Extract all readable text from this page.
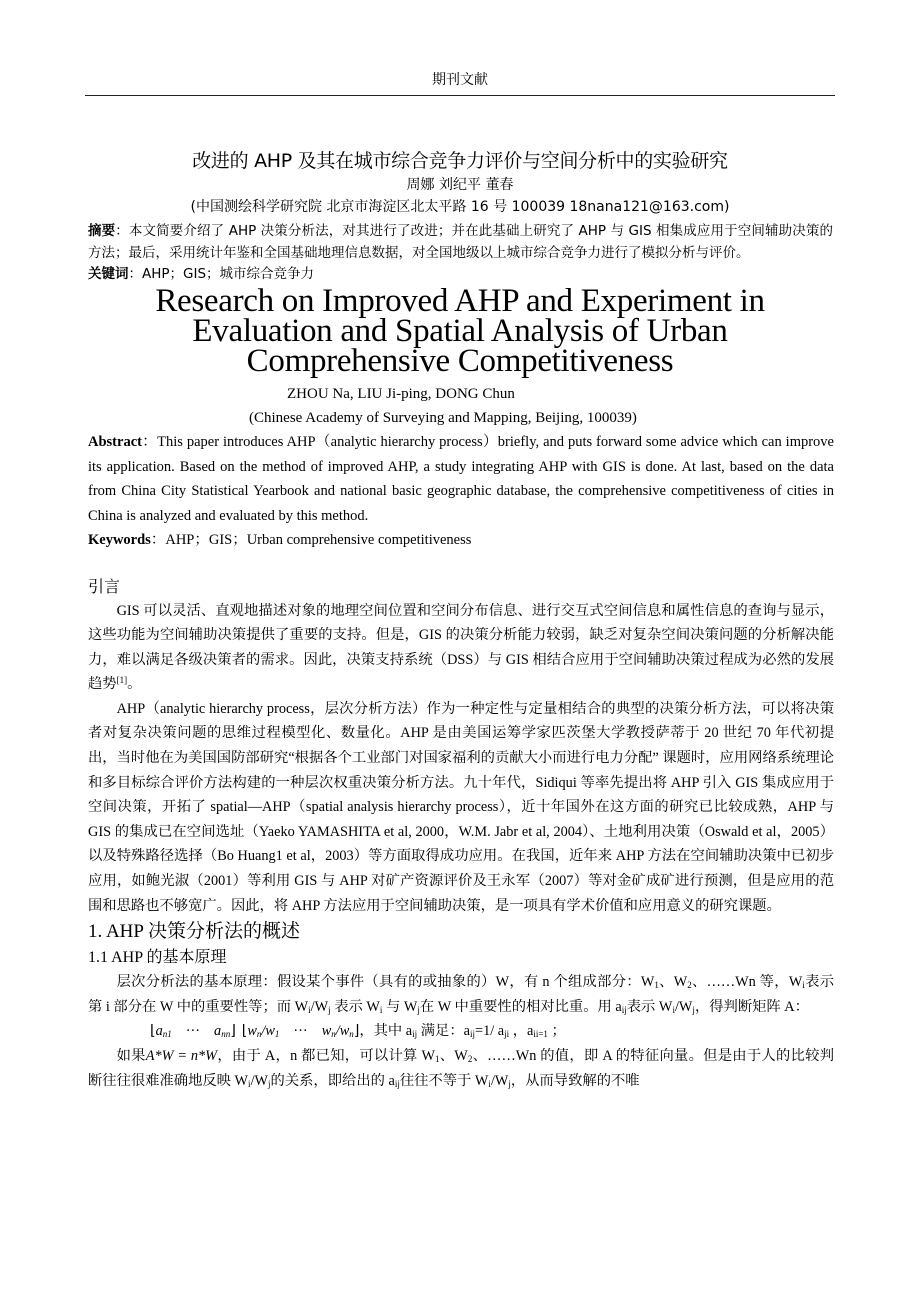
期刊文献
改进的 AHP 及其在城市综合竞争力评价与空间分析中的实验研究
周娜 刘纪平 董春
(中国测绘科学研究院 北京市海淀区北太平路 16 号 100039 18nana121@163.com)
摘要：本文简要介绍了 AHP 决策分析法，对其进行了改进；并在此基础上研究了 AHP 与 GIS 相集成应用于空间辅助决策的方法；最后，采用统计年鉴和全国基础地理信息数据，对全国地级以上城市综合竞争力进行了模拟分析与评价。
关键词：AHP；GIS；城市综合竞争力
Research on Improved AHP and Experiment in
Evaluation and Spatial Analysis of Urban
Comprehensive Competitiveness
ZHOU Na, LIU Ji-ping, DONG Chun
(Chinese Academy of Surveying and Mapping, Beijing, 100039)
Abstract：This paper introduces AHP（analytic hierarchy process）briefly, and puts forward some advice which can improve its application. Based on the method of improved AHP, a study integrating AHP with GIS is done. At last, based on the data from China City Statistical Yearbook and national basic geographic database, the comprehensive competitiveness of cities in China is analyzed and evaluated by this method.
Keywords：AHP；GIS；Urban comprehensive competitiveness
引言

GIS 可以灵活、直观地描述对象的地理空间位置和空间分布信息、进行交互式空间信息和属性信息的查询与显示，这些功能为空间辅助决策提供了重要的支持。但是，GIS 的决策分析能力较弱，缺乏对复杂空间决策问题的分析解决能力，难以满足各级决策者的需求。因此，决策支持系统（DSS）与 GIS 相结合应用于空间辅助决策过程成为必然的发展趋势[1]。

AHP（analytic hierarchy process，层次分析方法）作为一种定性与定量相结合的典型的决策分析方法，可以将决策者对复杂决策问题的思维过程模型化、数量化。AHP 是由美国运筹学家匹茨堡大学教授萨蒂于 20 世纪 70 年代初提出，当时他在为美国国防部研究“根据各个工业部门对国家福利的贡献大小而进行电力分配” 课题时，应用网络系统理论和多目标综合评价方法构建的一种层次权重决策分析方法。九十年代，Sidiqui 等率先提出将 AHP 引入 GIS 集成应用于空间决策，开拓了 spatial—AHP（spatial analysis hierarchy process），近十年国外在这方面的研究已比较成熟，AHP 与 GIS 的集成已在空间选址（Yaeko YAMASHITA et al, 2000，W.M. Jabr et al, 2004）、土地利用决策（Oswald et al，2005）以及特殊路径选择（Bo Huang1 et al，2003）等方面取得成功应用。在我国，近年来 AHP 方法在空间辅助决策中已初步应用，如鲍光淑（2001）等利用 GIS 与 AHP 对矿产资源评价及王永军（2007）等对金矿成矿进行预测，但是应用的范围和思路也不够宽广。因此，将 AHP 方法应用于空间辅助决策，是一项具有学术价值和应用意义的研究课题。

1. AHP 决策分析法的概述
1.1 AHP 的基本原理

层次分析法的基本原理：假设某个事件（具有的或抽象的）W，有 n 个组成部分：$W_1$、$W_2$、……Wn 等，$W_i$表示第 i 部分在 W 中的重要性等；而 $W_i/W_j$ 表示 $W_i$ 与 $W_j$在 W 中重要性的相对比重。用 $a_{ij}$表示 $W_i/W_j$，得判断矩阵 A：

$⌊a_{n1}$ ··· $a_{nn}⌋$ $⌊w_n/w_1$ ··· $w_n/w_n⌋$，其中 $a_{ij}$ 满足：$a_{ij}=1/$ $a_{ji}$ ，$a_{ii=1}$ ；

如果A*W = n*W，由于 A，n 都已知，可以计算 $W_1$、$W_2$、……Wn 的值，即 A 的特征向量。但是由于人的比较判断往往很难准确地反映 $W_i/W_j$的关系，即给出的 $a_{ij}$往往不等于 $W_i/W_j$，从而导致解的不唯
